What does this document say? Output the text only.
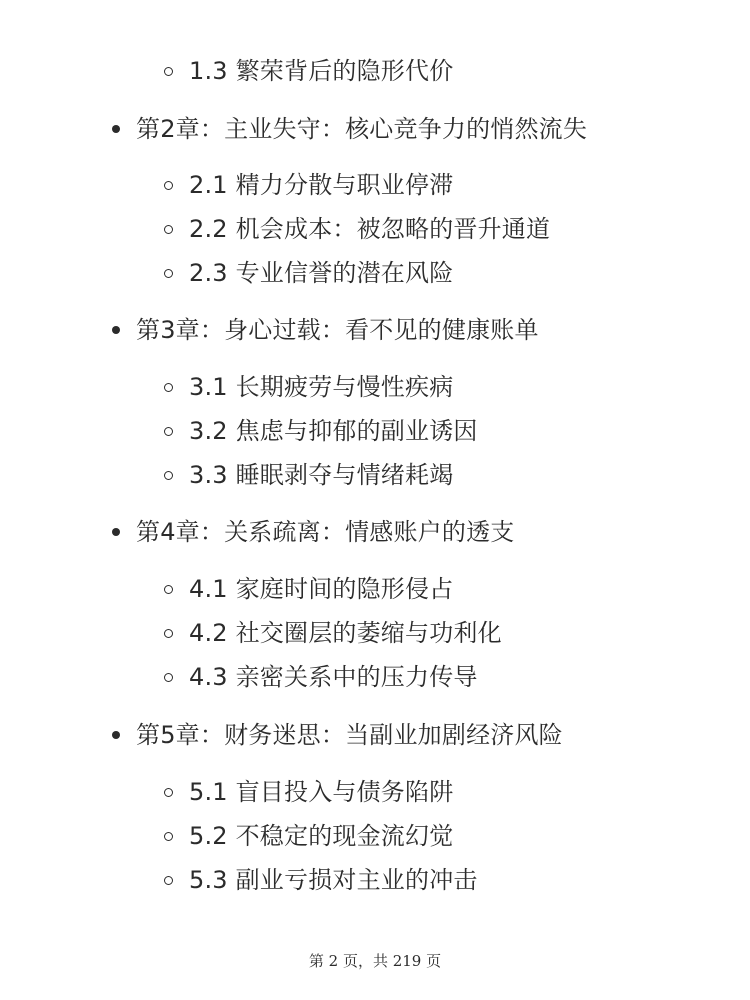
1.3 繁荣背后的隐形代价
第2章：主业失守：核心竞争力的悄然流失
2.1 精力分散与职业停滞
2.2 机会成本：被忽略的晋升通道
2.3 专业信誉的潜在风险
第3章：身心过载：看不见的健康账单
3.1 长期疲劳与慢性疾病
3.2 焦虑与抑郁的副业诱因
3.3 睡眠剥夺与情绪耗竭
第4章：关系疏离：情感账户的透支
4.1 家庭时间的隐形侵占
4.2 社交圈层的萎缩与功利化
4.3 亲密关系中的压力传导
第5章：财务迷思：当副业加剧经济风险
5.1 盲目投入与债务陷阱
5.2 不稳定的现金流幻觉
5.3 副业亏损对主业的冲击
第 2 页，共 219 页
